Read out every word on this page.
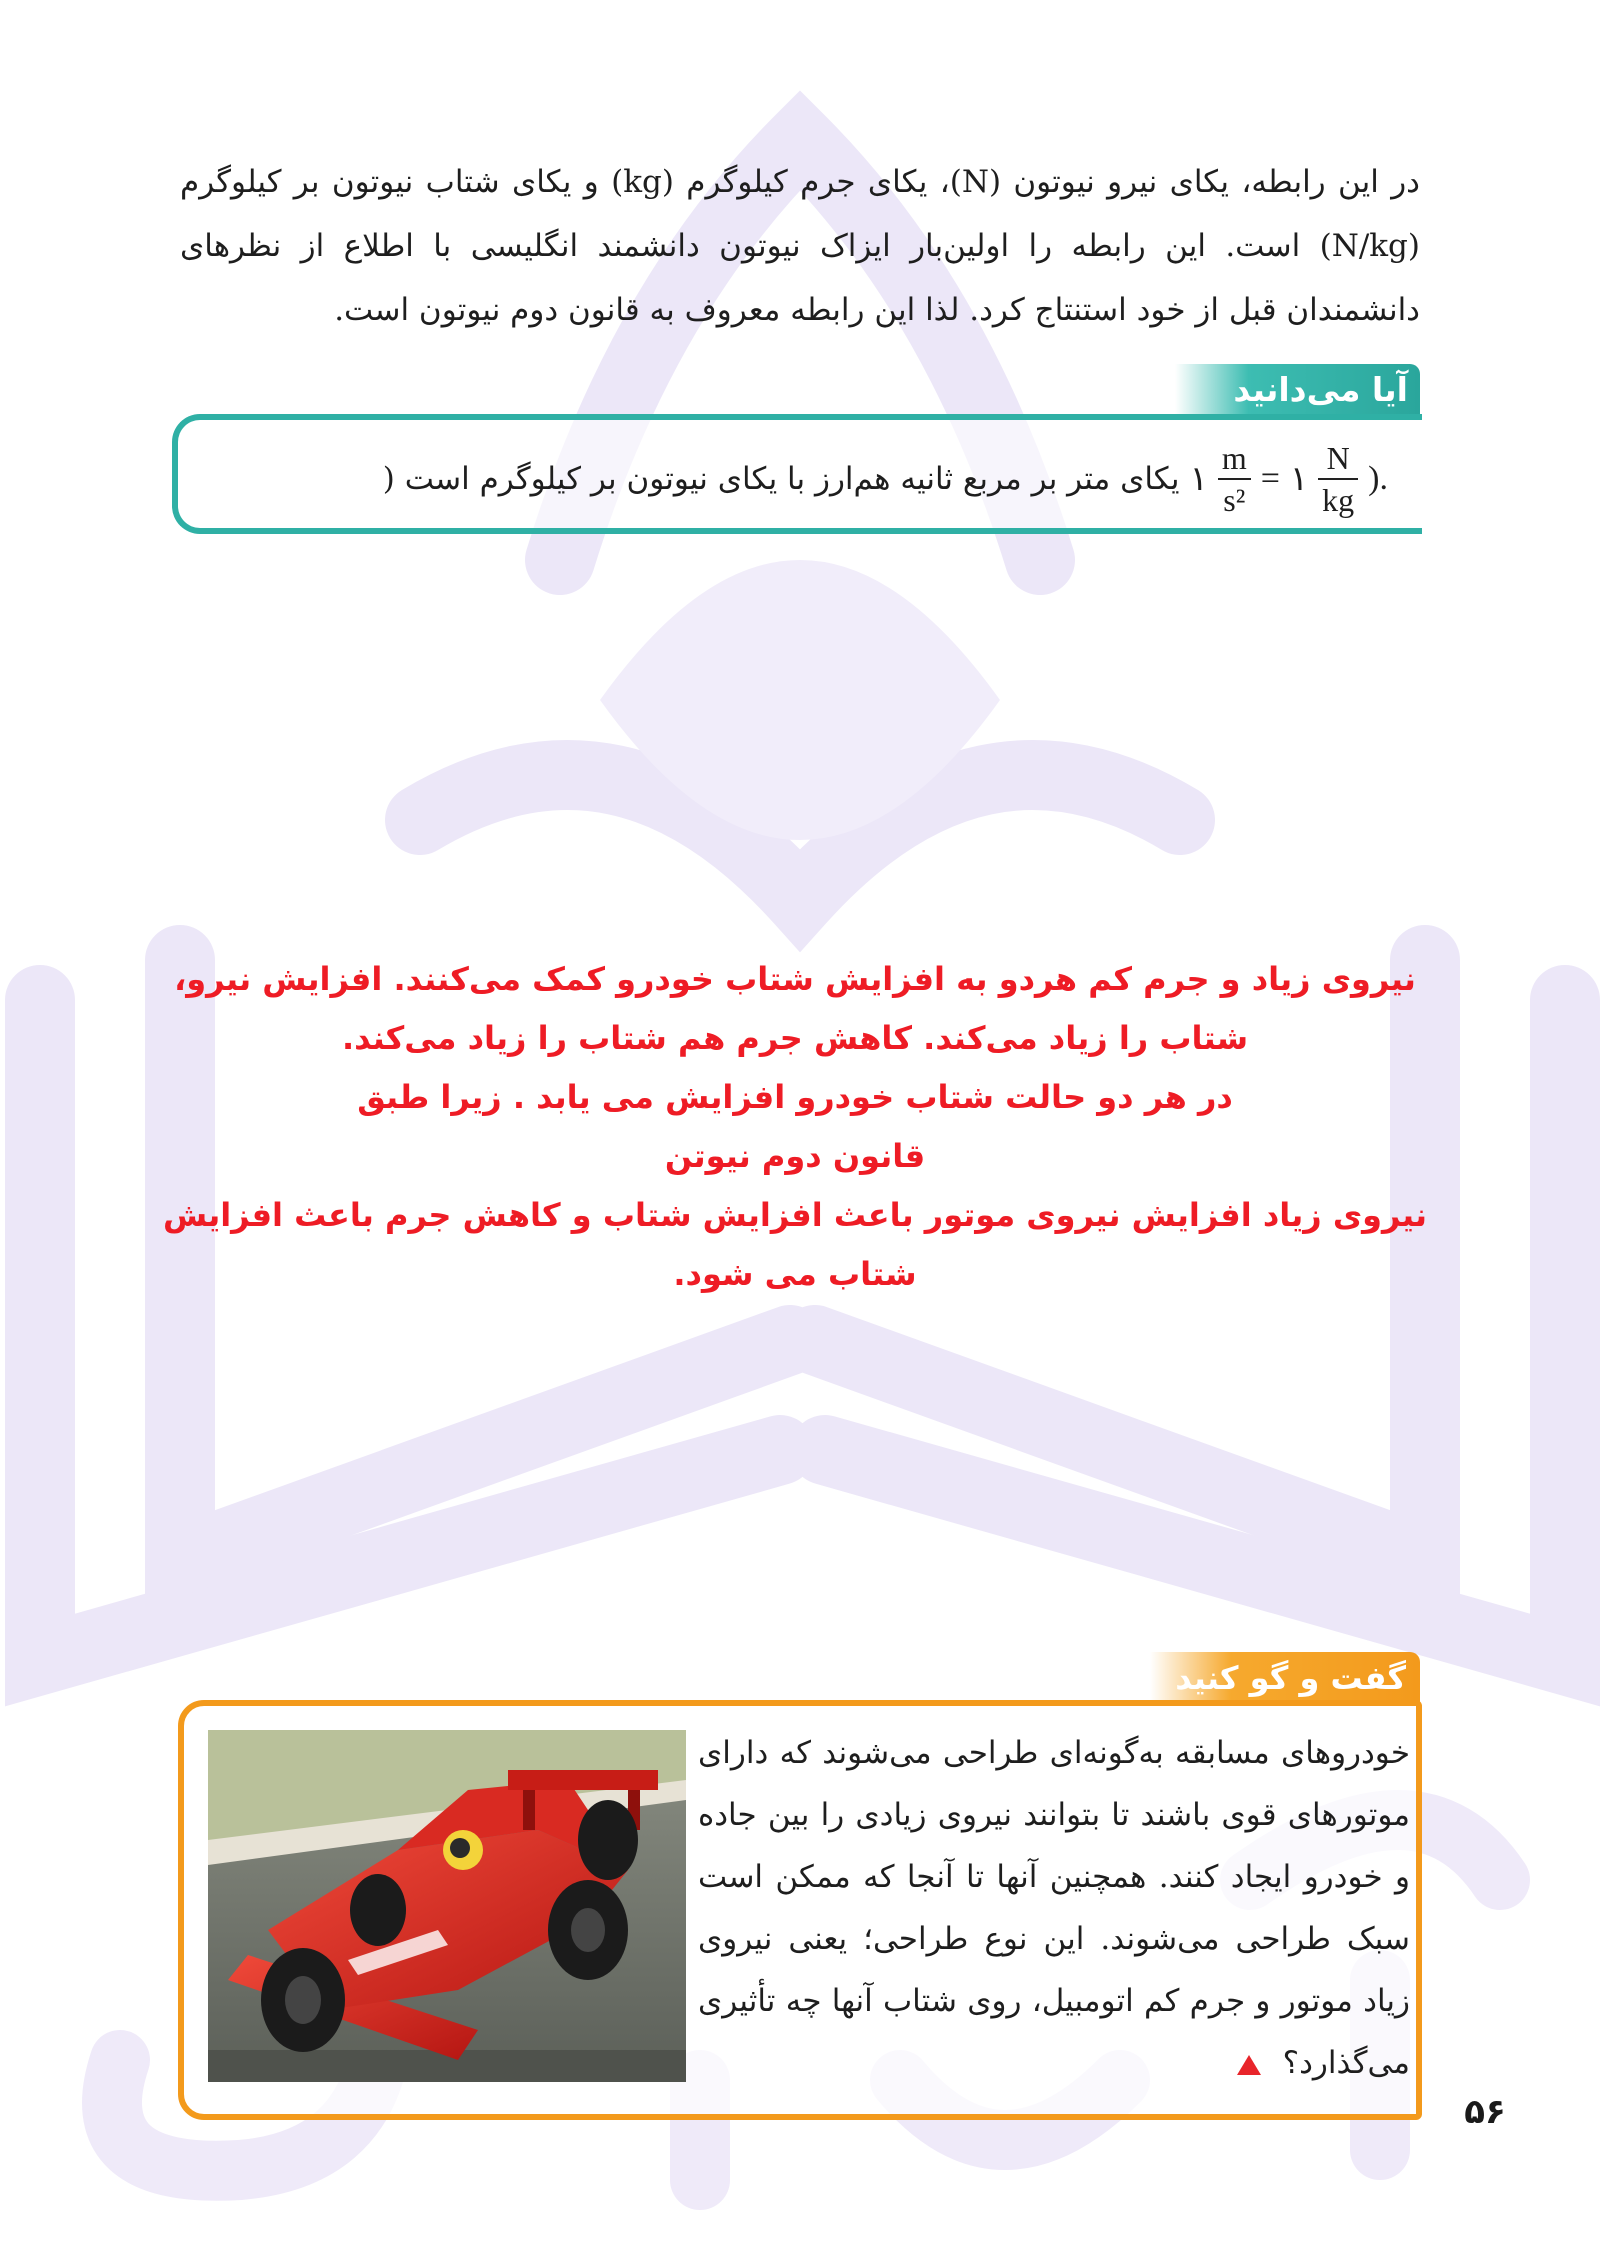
در این رابطه، یکای نیرو نیوتون (N)، یکای جرم کیلوگرم (kg) و یکای شتاب نیوتون بر کیلوگرم (N/kg) است. این رابطه را اولین‌بار ایزاک نیوتون دانشمند انگلیسی با اطلاع از نظرهای دانشمندان قبل از خود استنتاج کرد. لذا این رابطه معروف به قانون دوم نیوتون است.

آیا می‌دانید
یکای متر بر مربع ثانیه هم‌ارز با یکای نیوتون بر کیلوگرم است ( ۱ $\frac{m}{\text{s²}}$ = ۱ $\frac{N}{kg}$ ).

نیروی زیاد و جرم کم هردو به افزایش شتاب خودرو کمک می‌کنند. افزایش نیرو، شتاب را زیاد می‌کند. کاهش جرم هم شتاب را زیاد می‌کند.

در هر دو حالت شتاب خودرو افزایش می یابد . زیرا طبق

قانون دوم نیوتن

نیروی زیاد افزایش نیروی موتور باعث افزایش شتاب و کاهش جرم باعث افزایش شتاب می شود.

گفت و گو کنید

خودروهای مسابقه به‌گونه‌ای طراحی می‌شوند که دارای موتورهای قوی باشند تا بتوانند نیروی زیادی را بین جاده و خودرو ایجاد کنند. همچنین آنها تا آنجا که ممکن است سبک طراحی می‌شوند. این نوع طراحی؛ یعنی نیروی زیاد موتور و جرم کم اتومبیل، روی شتاب آنها چه تأثیری می‌گذارد؟

۵۶
